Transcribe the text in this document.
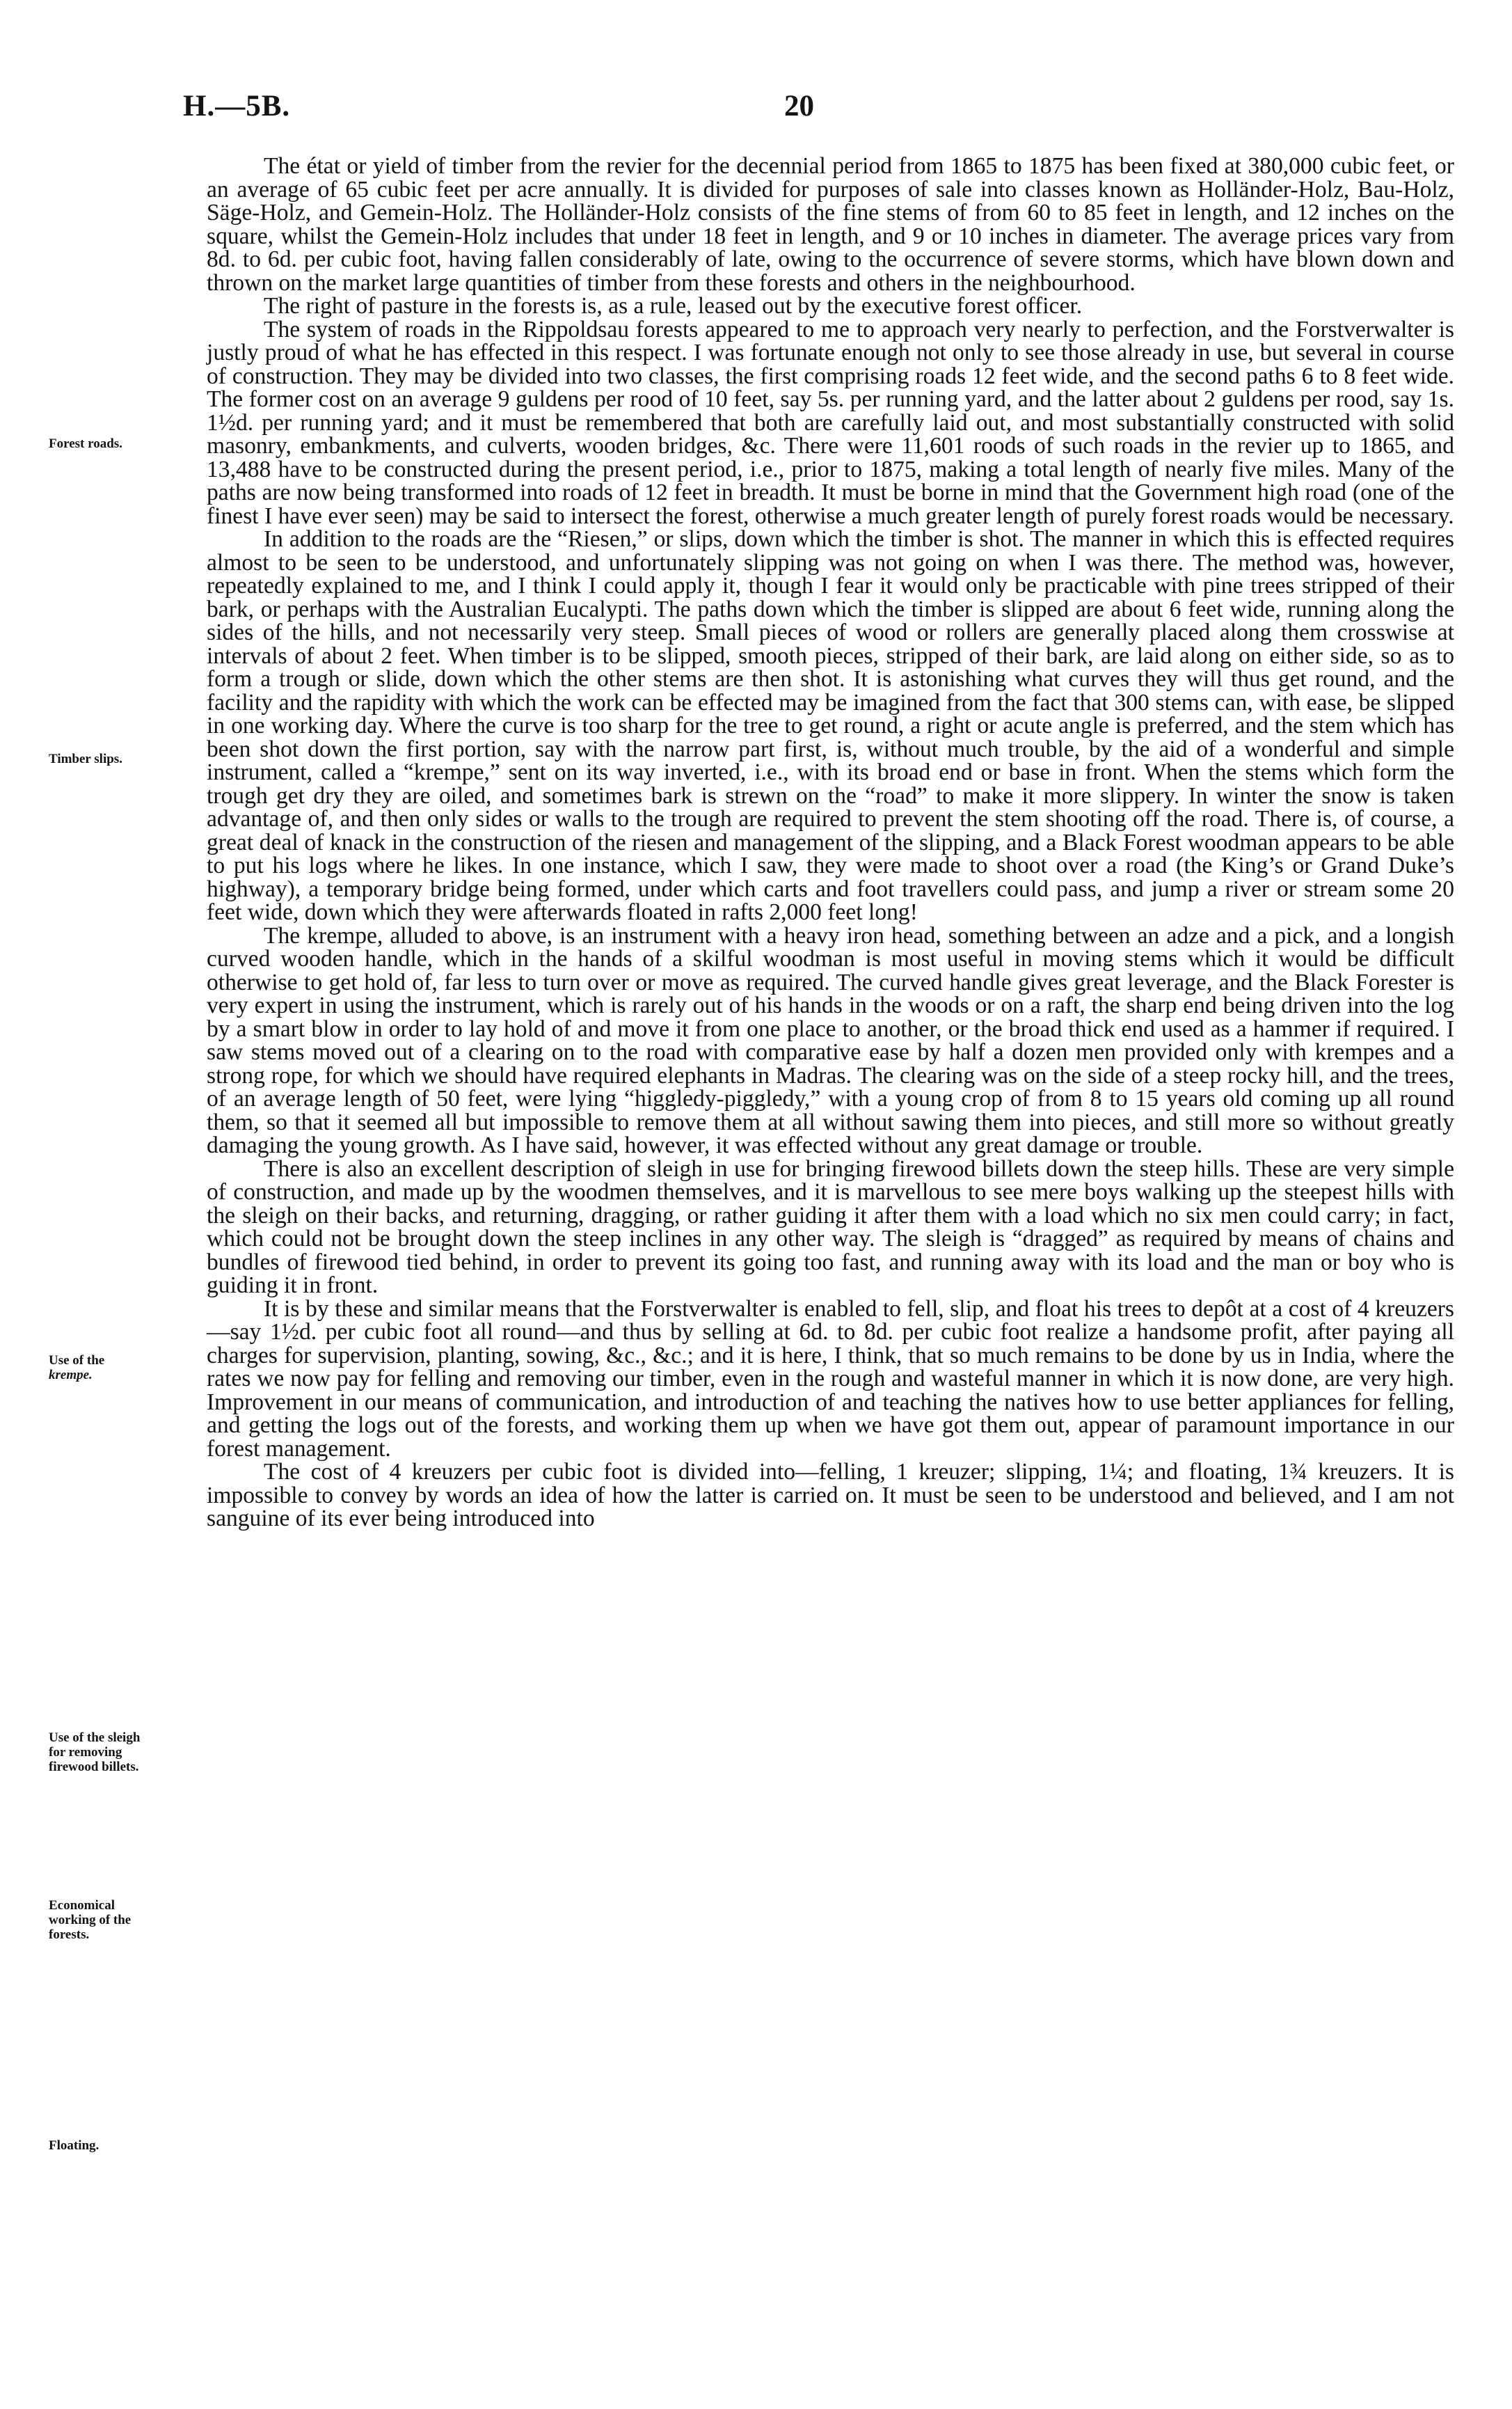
H.—5B.	20
Forest roads.
Timber slips.
Use of the
krempe.
Use of the sleigh
for removing
firewood billets.
Economical
working of the
forests.
Floating.

The état or yield of timber from the revier for the decennial period from 1865 to 1875 has been fixed at 380,000 cubic feet, or an average of 65 cubic feet per acre annually. It is divided for purposes of sale into classes known as Holländer-Holz, Bau-Holz, Säge-Holz, and Gemein-Holz. The Holländer-Holz consists of the fine stems of from 60 to 85 feet in length, and 12 inches on the square, whilst the Gemein-Holz includes that under 18 feet in length, and 9 or 10 inches in diameter. The average prices vary from 8d. to 6d. per cubic foot, having fallen considerably of late, owing to the occurrence of severe storms, which have blown down and thrown on the market large quantities of timber from these forests and others in the neighbourhood.

The right of pasture in the forests is, as a rule, leased out by the executive forest officer.

The system of roads in the Rippoldsau forests appeared to me to approach very nearly to perfection, and the Forstverwalter is justly proud of what he has effected in this respect. I was fortunate enough not only to see those already in use, but several in course of construction. They may be divided into two classes, the first comprising roads 12 feet wide, and the second paths 6 to 8 feet wide. The former cost on an average 9 guldens per rood of 10 feet, say 5s. per running yard, and the latter about 2 guldens per rood, say 1s. 1½d. per running yard; and it must be remembered that both are carefully laid out, and most substantially constructed with solid masonry, embankments, and culverts, wooden bridges, &c. There were 11,601 roods of such roads in the revier up to 1865, and 13,488 have to be constructed during the present period, i.e., prior to 1875, making a total length of nearly five miles. Many of the paths are now being transformed into roads of 12 feet in breadth. It must be borne in mind that the Government high road (one of the finest I have ever seen) may be said to intersect the forest, otherwise a much greater length of purely forest roads would be necessary.

In addition to the roads are the “Riesen,” or slips, down which the timber is shot. The manner in which this is effected requires almost to be seen to be understood, and unfortunately slipping was not going on when I was there. The method was, however, repeatedly explained to me, and I think I could apply it, though I fear it would only be practicable with pine trees stripped of their bark, or perhaps with the Australian Eucalypti. The paths down which the timber is slipped are about 6 feet wide, running along the sides of the hills, and not necessarily very steep. Small pieces of wood or rollers are generally placed along them crosswise at intervals of about 2 feet. When timber is to be slipped, smooth pieces, stripped of their bark, are laid along on either side, so as to form a trough or slide, down which the other stems are then shot. It is astonishing what curves they will thus get round, and the facility and the rapidity with which the work can be effected may be imagined from the fact that 300 stems can, with ease, be slipped in one working day. Where the curve is too sharp for the tree to get round, a right or acute angle is preferred, and the stem which has been shot down the first portion, say with the narrow part first, is, without much trouble, by the aid of a wonderful and simple instrument, called a “krempe,” sent on its way inverted, i.e., with its broad end or base in front. When the stems which form the trough get dry they are oiled, and sometimes bark is strewn on the “road” to make it more slippery. In winter the snow is taken advantage of, and then only sides or walls to the trough are required to prevent the stem shooting off the road. There is, of course, a great deal of knack in the construction of the riesen and management of the slipping, and a Black Forest woodman appears to be able to put his logs where he likes. In one instance, which I saw, they were made to shoot over a road (the King’s or Grand Duke’s highway), a temporary bridge being formed, under which carts and foot travellers could pass, and jump a river or stream some 20 feet wide, down which they were afterwards floated in rafts 2,000 feet long!

The krempe, alluded to above, is an instrument with a heavy iron head, something between an adze and a pick, and a longish curved wooden handle, which in the hands of a skilful woodman is most useful in moving stems which it would be difficult otherwise to get hold of, far less to turn over or move as required. The curved handle gives great leverage, and the Black Forester is very expert in using the instrument, which is rarely out of his hands in the woods or on a raft, the sharp end being driven into the log by a smart blow in order to lay hold of and move it from one place to another, or the broad thick end used as a hammer if required. I saw stems moved out of a clearing on to the road with comparative ease by half a dozen men provided only with krempes and a strong rope, for which we should have required elephants in Madras. The clearing was on the side of a steep rocky hill, and the trees, of an average length of 50 feet, were lying “higgledy-piggledy,” with a young crop of from 8 to 15 years old coming up all round them, so that it seemed all but impossible to remove them at all without sawing them into pieces, and still more so without greatly damaging the young growth. As I have said, however, it was effected without any great damage or trouble.

There is also an excellent description of sleigh in use for bringing firewood billets down the steep hills. These are very simple of construction, and made up by the woodmen themselves, and it is marvellous to see mere boys walking up the steepest hills with the sleigh on their backs, and returning, dragging, or rather guiding it after them with a load which no six men could carry; in fact, which could not be brought down the steep inclines in any other way. The sleigh is “dragged” as required by means of chains and bundles of firewood tied behind, in order to prevent its going too fast, and running away with its load and the man or boy who is guiding it in front.

It is by these and similar means that the Forstverwalter is enabled to fell, slip, and float his trees to depôt at a cost of 4 kreuzers—say 1½d. per cubic foot all round—and thus by selling at 6d. to 8d. per cubic foot realize a handsome profit, after paying all charges for supervision, planting, sowing, &c., &c.; and it is here, I think, that so much remains to be done by us in India, where the rates we now pay for felling and removing our timber, even in the rough and wasteful manner in which it is now done, are very high. Improvement in our means of communication, and introduction of and teaching the natives how to use better appliances for felling, and getting the logs out of the forests, and working them up when we have got them out, appear of paramount importance in our forest management.

The cost of 4 kreuzers per cubic foot is divided into—felling, 1 kreuzer; slipping, 1¼; and floating, 1¾ kreuzers. It is impossible to convey by words an idea of how the latter is carried on. It must be seen to be understood and believed, and I am not sanguine of its ever being introduced into
